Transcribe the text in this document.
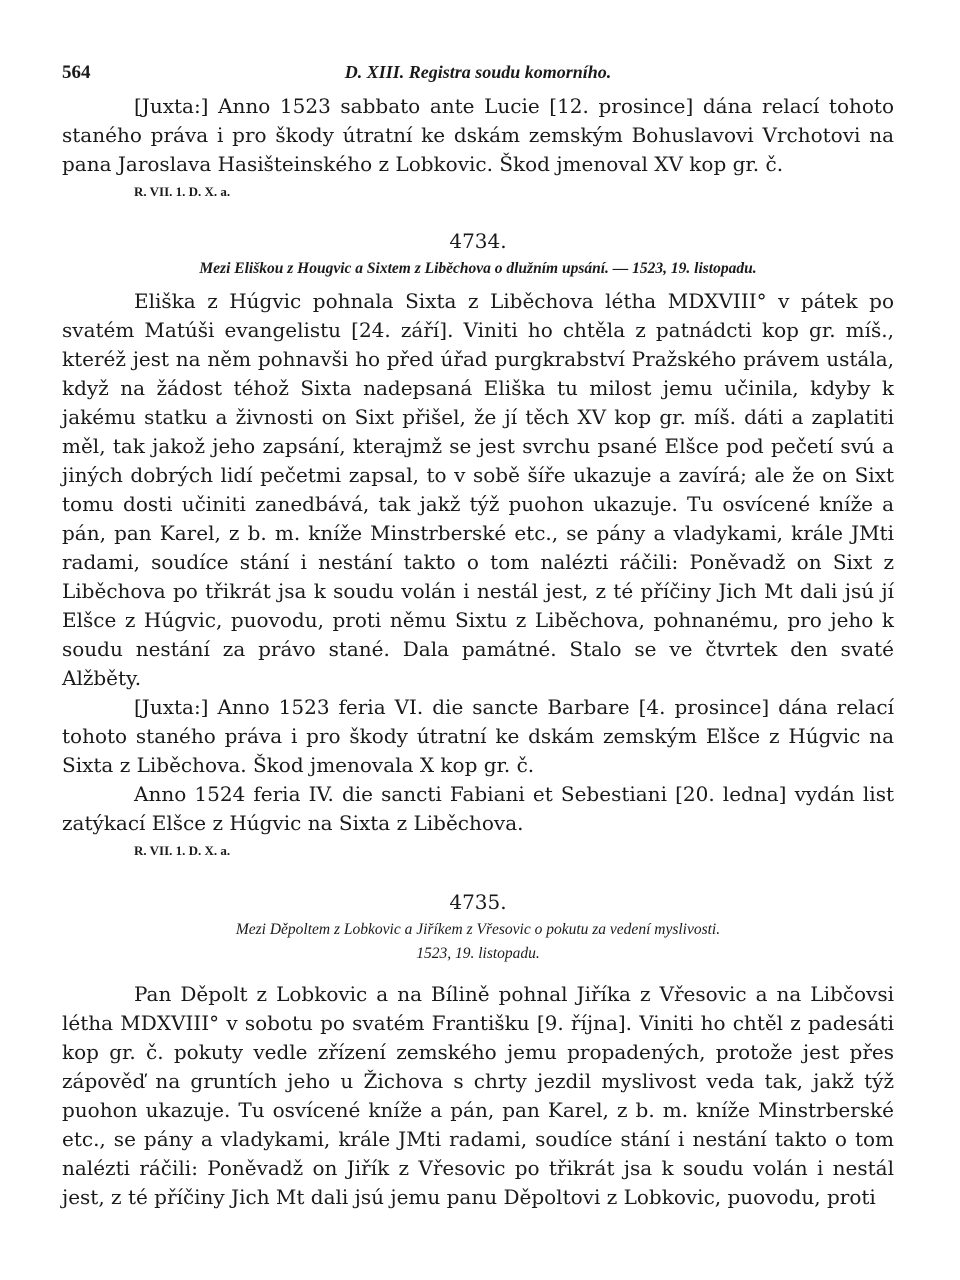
564	D. XIII. Registra soudu komorního.

[Juxta:] Anno 1523 sabbato ante Lucie [12. prosince] dána relací tohoto staného práva i pro škody útratní ke dskám zemským Bohuslavovi Vrchotovi na pana Jaroslava Hasišteinského z Lobkovic. Škod jmenoval XV kop gr. č.

R. VII. 1. D. X. a.
4734.
Mezi Eliškou z Hougvic a Sixtem z Liběchova o dlužním upsání. — 1523, 19. listopadu.

Eliška z Húgvic pohnala Sixta z Liběchova létha MDXVIII° v pátek po svatém Matúši evangelistu [24. září]. Viniti ho chtěla z patnádcti kop gr. míš., kteréž jest na něm pohnavši ho před úřad purgkrabství Pražského právem ustála, když na žádost téhož Sixta nadepsaná Eliška tu milost jemu učinila, kdyby k jakému statku a živnosti on Sixt přišel, že jí těch XV kop gr. míš. dáti a zaplatiti měl, tak jakož jeho zapsání, kterajmž se jest svrchu psané Elšce pod pečetí svú a jiných dobrých lidí pečetmi zapsal, to v sobě šíře ukazuje a zavírá; ale že on Sixt tomu dosti učiniti zanedbává, tak jakž týž puohon ukazuje. Tu osvícené kníže a pán, pan Karel, z b. m. kníže Minstrberské etc., se pány a vladykami, krále JMti radami, soudíce stání i nestání takto o tom nalézti ráčili: Poněvadž on Sixt z Liběchova po třikrát jsa k soudu volán i nestál jest, z té příčiny Jich Mt dali jsú jí Elšce z Húgvic, puovodu, proti němu Sixtu z Liběchova, pohnanému, pro jeho k soudu nestání za právo stané. Dala památné. Stalo se ve čtvrtek den svaté Alžběty.

[Juxta:] Anno 1523 feria VI. die sancte Barbare [4. prosince] dána relací tohoto staného práva i pro škody útratní ke dskám zemským Elšce z Húgvic na Sixta z Liběchova. Škod jmenovala X kop gr. č.

Anno 1524 feria IV. die sancti Fabiani et Sebestiani [20. ledna] vydán list zatýkací Elšce z Húgvic na Sixta z Liběchova.

R. VII. 1. D. X. a.
4735.
Mezi Děpoltem z Lobkovic a Jiříkem z Vřesovic o pokutu za vedení myslivosti.
1523, 19. listopadu.

Pan Děpolt z Lobkovic a na Bílině pohnal Jiříka z Vřesovic a na Libčovsi létha MDXVIII° v sobotu po svatém Františku [9. října]. Viniti ho chtěl z padesáti kop gr. č. pokuty vedle zřízení zemského jemu propadených, protože jest přes zápověď na gruntích jeho u Žichova s chrty jezdil myslivost veda tak, jakž týž puohon ukazuje. Tu osvícené kníže a pán, pan Karel, z b. m. kníže Minstrberské etc., se pány a vladykami, krále JMti radami, soudíce stání i nestání takto o tom nalézti ráčili: Poněvadž on Jiřík z Vřesovic po třikrát jsa k soudu volán i nestál jest, z té příčiny Jich Mt dali jsú jemu panu Děpoltovi z Lobkovic, puovodu, proti
